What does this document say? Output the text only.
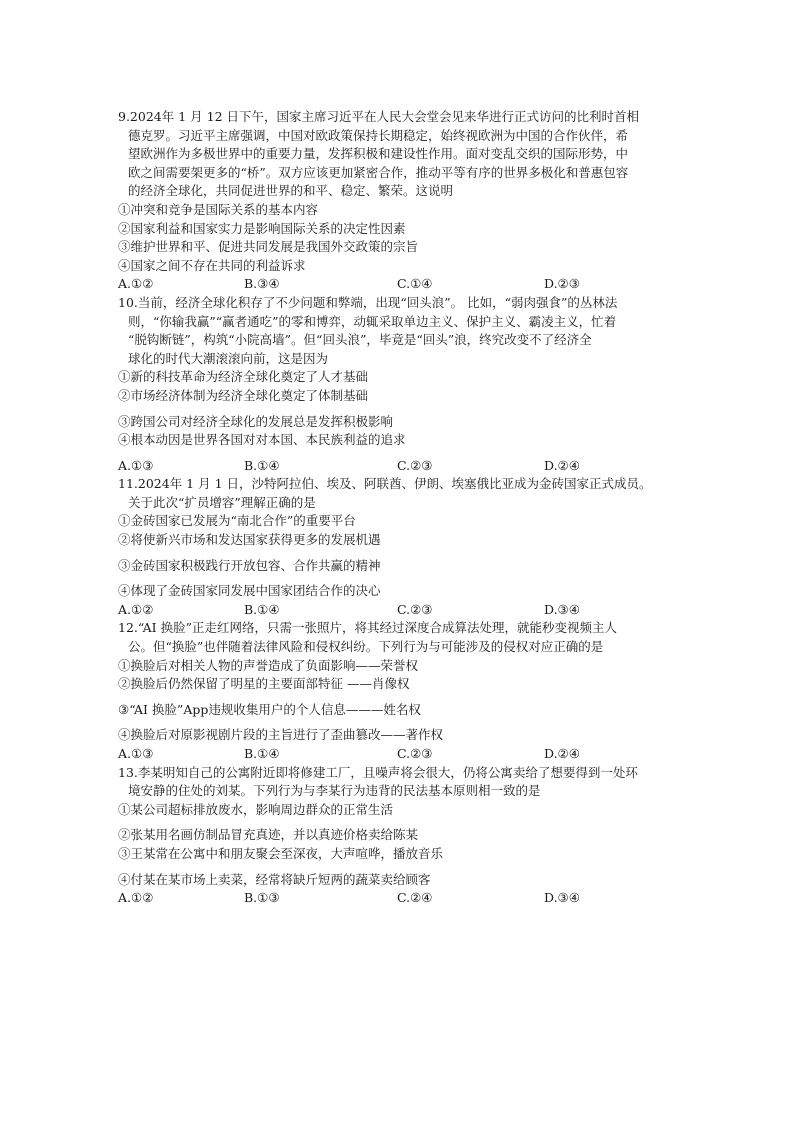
9.2024年 1 月 12 日下午，国家主席习近平在人民大会堂会见来华进行正式访问的比利时首相
德克罗。习近平主席强调，中国对欧政策保持长期稳定，始终视欧洲为中国的合作伙伴，希
望欧洲作为多极世界中的重要力量，发挥积极和建设性作用。面对变乱交织的国际形势，中
欧之间需要架更多的“桥”。双方应该更加紧密合作，推动平等有序的世界多极化和普惠包容
的经济全球化，共同促进世界的和平、稳定、繁荣。这说明
①冲突和竞争是国际关系的基本内容
②国家利益和国家实力是影响国际关系的决定性因素
③维护世界和平、促进共同发展是我国外交政策的宗旨
④国家之间不存在共同的利益诉求
A.①②	B.③④	C.①④	D.②③
10.当前，经济全球化积存了不少问题和弊端，出现“回头浪”。 比如，“弱肉强食”的丛林法
则，“你输我赢”“赢者通吃”的零和博弈，动辄采取单边主义、保护主义、霸凌主义，忙着
“脱钩断链”，构筑“小院高墙”。但“回头浪”，毕竟是“回头”浪，终究改变不了经济全
球化的时代大潮滚滚向前，这是因为
①新的科技革命为经济全球化奠定了人才基础
②市场经济体制为经济全球化奠定了体制基础
③跨国公司对经济全球化的发展总是发挥积极影响
④根本动因是世界各国对对本国、本民族利益的追求
A.①③	B.①④	C.②③	D.②④
11.2024年 1 月 1 日，沙特阿拉伯、埃及、阿联酋、伊朗、埃塞俄比亚成为金砖国家正式成员。
关于此次“扩员增容”理解正确的是
①金砖国家已发展为“南北合作”的重要平台
②将使新兴市场和发达国家获得更多的发展机遇
③金砖国家积极践行开放包容、合作共赢的精神
④体现了金砖国家同发展中国家团结合作的决心
A.①②	B.①④	C.②③	D.③④
12.“AI 换脸”正走红网络，只需一张照片，将其经过深度合成算法处理，就能秒变视频主人
公。但“换脸”也伴随着法律风险和侵权纠纷。下列行为与可能涉及的侵权对应正确的是
①换脸后对相关人物的声誉造成了负面影响——荣誉权
②换脸后仍然保留了明星的主要面部特征 ——肖像权
③“AI 换脸”App违规收集用户的个人信息———姓名权
④换脸后对原影视剧片段的主旨进行了歪曲篡改——著作权
A.①③	B.①④	C.②③	D.②④
13.李某明知自己的公寓附近即将修建工厂，且噪声将会很大，仍将公寓卖给了想要得到一处环
境安静的住处的刘某。下列行为与李某行为违背的民法基本原则相一致的是
①某公司超标排放废水，影响周边群众的正常生活
②张某用名画仿制品冒充真迹，并以真迹价格卖给陈某
③王某常在公寓中和朋友聚会至深夜，大声喧哗，播放音乐
④付某在某市场上卖菜，经常将缺斤短两的蔬菜卖给顾客
A.①②	B.①③	C.②④	D.③④
